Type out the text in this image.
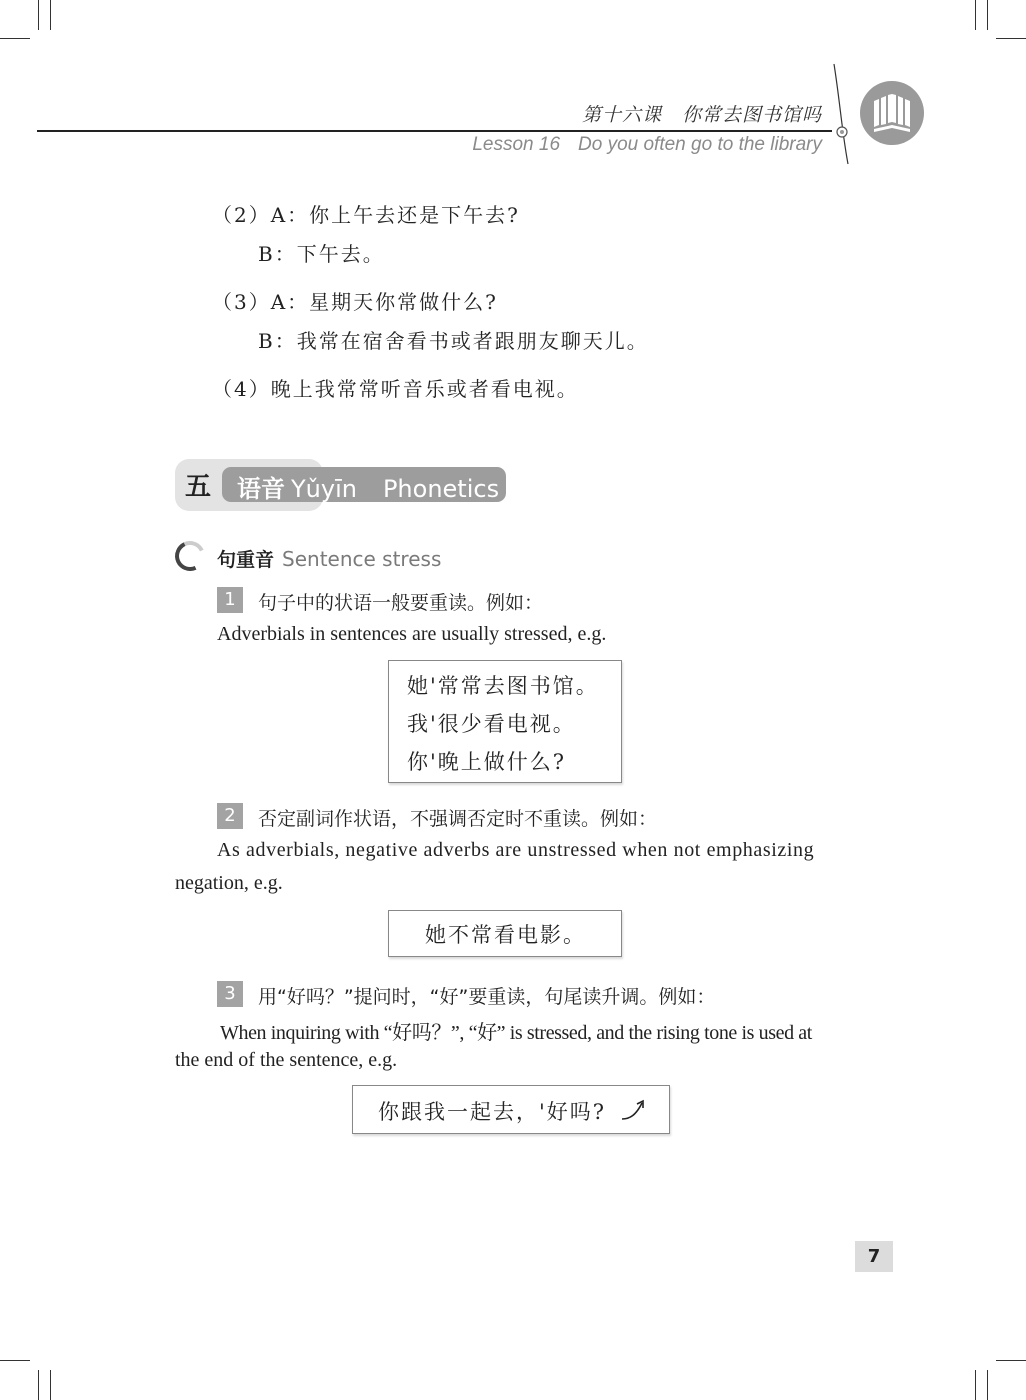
第十六课　你常去图书馆吗
Lesson 16 Do you often go to the library
（2）A：你上午去还是下午去?
B：下午去。
（3）A：星期天你常做什么?
B：我常在宿舍看书或者跟朋友聊天儿。
（4）晚上我常常听音乐或者看电视。
五 语音 Yǔyīn Phonetics
句重音 Sentence stress
1	句子中的状语一般要重读。例如：
Adverbials in sentences are usually stressed, e.g.
她'常常去图书馆。
我'很少看电视。
你'晚上做什么?
2	否定副词作状语，不强调否定时不重读。例如：
As adverbials, negative adverbs are unstressed when not emphasizing
negation, e.g.
她不常看电影。
3	用“好吗？”提问时，“好”要重读，句尾读升调。例如：
When inquiring with “好吗？”, “好” is stressed, and the rising tone is used at
the end of the sentence, e.g.
你跟我一起去，'好吗?
7
